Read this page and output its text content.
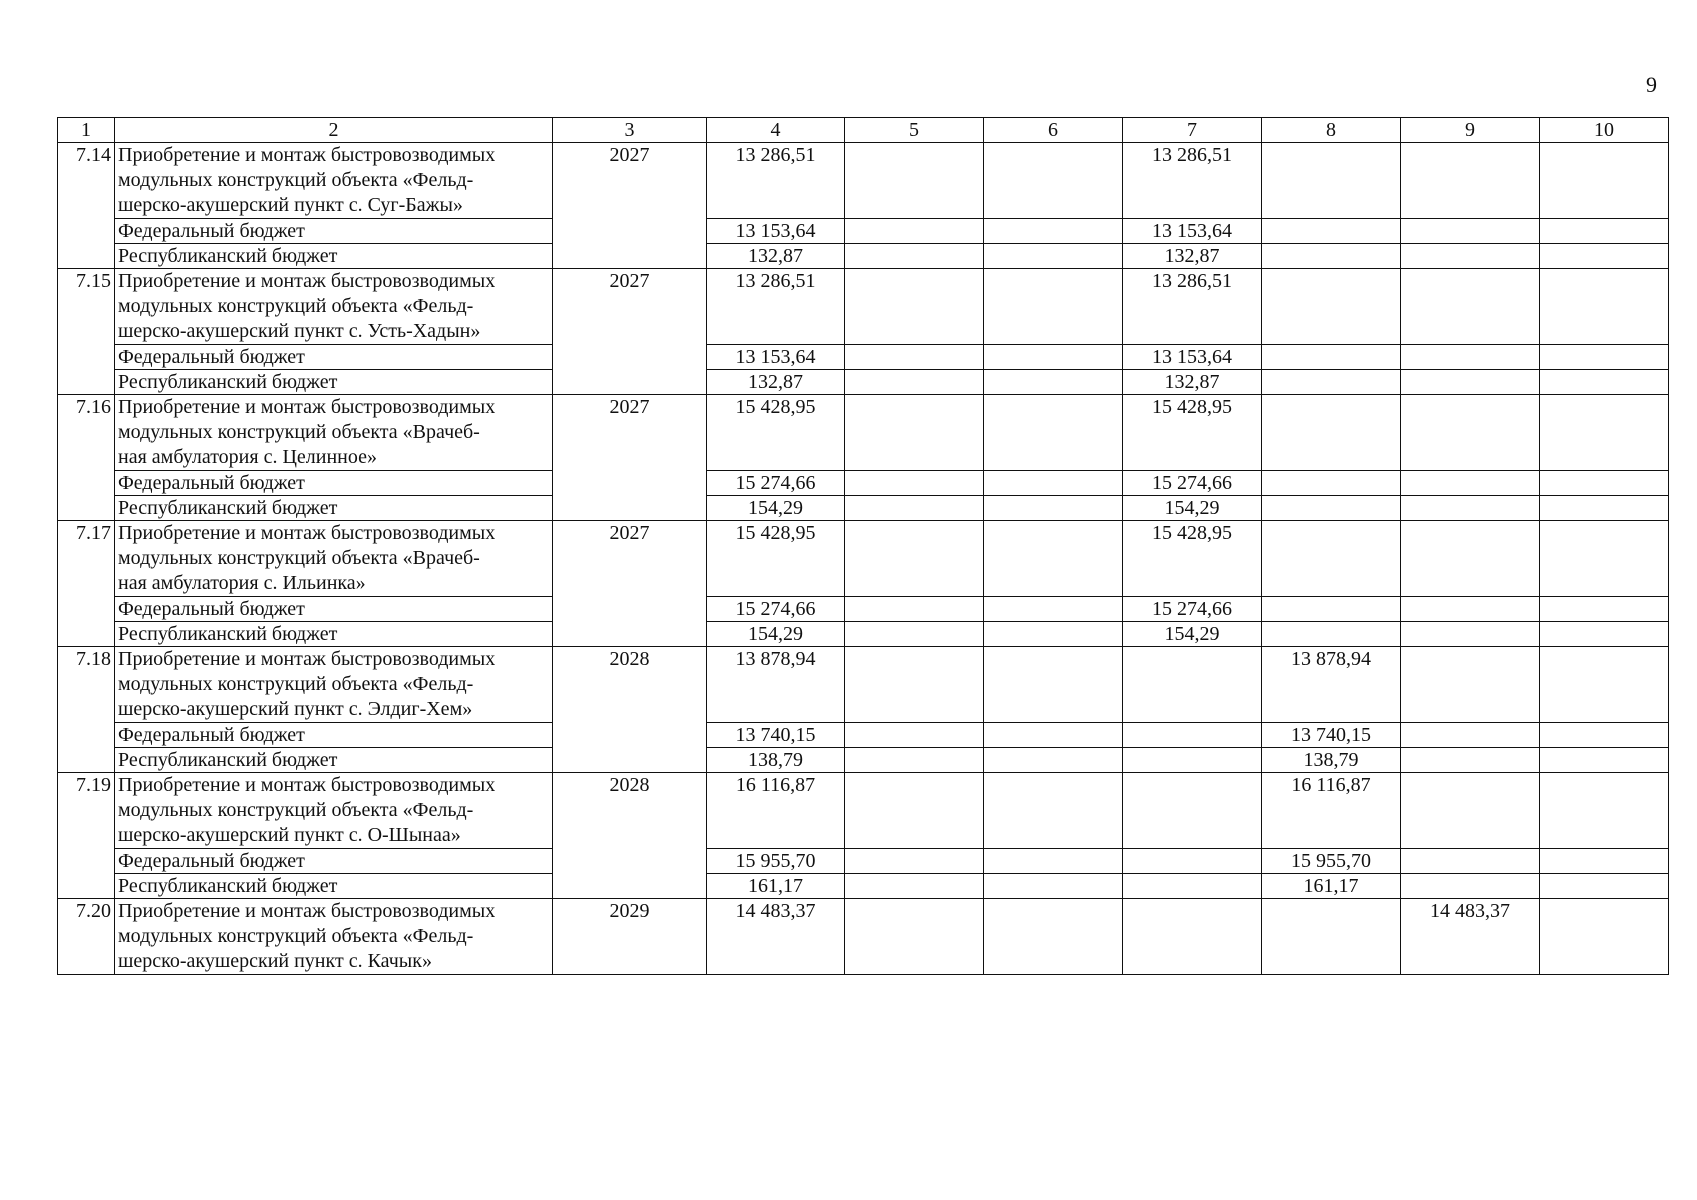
9
1	2	3	4	5	6	7	8	9	10
7.14	Приобретение и монтаж быстровозводимых
модульных конструкций объекта «Фельд-
шерско-акушерский пункт с. Суг-Бажы»	2027	13 286,51			13 286,51			
	Федеральный бюджет		13 153,64			13 153,64			
	Республиканский бюджет		132,87			132,87			
7.15	Приобретение и монтаж быстровозводимых
модульных конструкций объекта «Фельд-
шерско-акушерский пункт с. Усть-Хадын»	2027	13 286,51			13 286,51			
	Федеральный бюджет		13 153,64			13 153,64			
	Республиканский бюджет		132,87			132,87			
7.16	Приобретение и монтаж быстровозводимых
модульных конструкций объекта «Врачеб-
ная амбулатория с. Целинное»	2027	15 428,95			15 428,95			
	Федеральный бюджет		15 274,66			15 274,66			
	Республиканский бюджет		154,29			154,29			
7.17	Приобретение и монтаж быстровозводимых
модульных конструкций объекта «Врачеб-
ная амбулатория с. Ильинка»	2027	15 428,95			15 428,95			
	Федеральный бюджет		15 274,66			15 274,66			
	Республиканский бюджет		154,29			154,29			
7.18	Приобретение и монтаж быстровозводимых
модульных конструкций объекта «Фельд-
шерско-акушерский пункт с. Элдиг-Хем»	2028	13 878,94				13 878,94		
	Федеральный бюджет		13 740,15				13 740,15		
	Республиканский бюджет		138,79				138,79		
7.19	Приобретение и монтаж быстровозводимых
модульных конструкций объекта «Фельд-
шерско-акушерский пункт с. О-Шынаа»	2028	16 116,87				16 116,87		
	Федеральный бюджет		15 955,70				15 955,70		
	Республиканский бюджет		161,17				161,17		
7.20	Приобретение и монтаж быстровозводимых
модульных конструкций объекта «Фельд-
шерско-акушерский пункт с. Качык»	2029	14 483,37					14 483,37	
